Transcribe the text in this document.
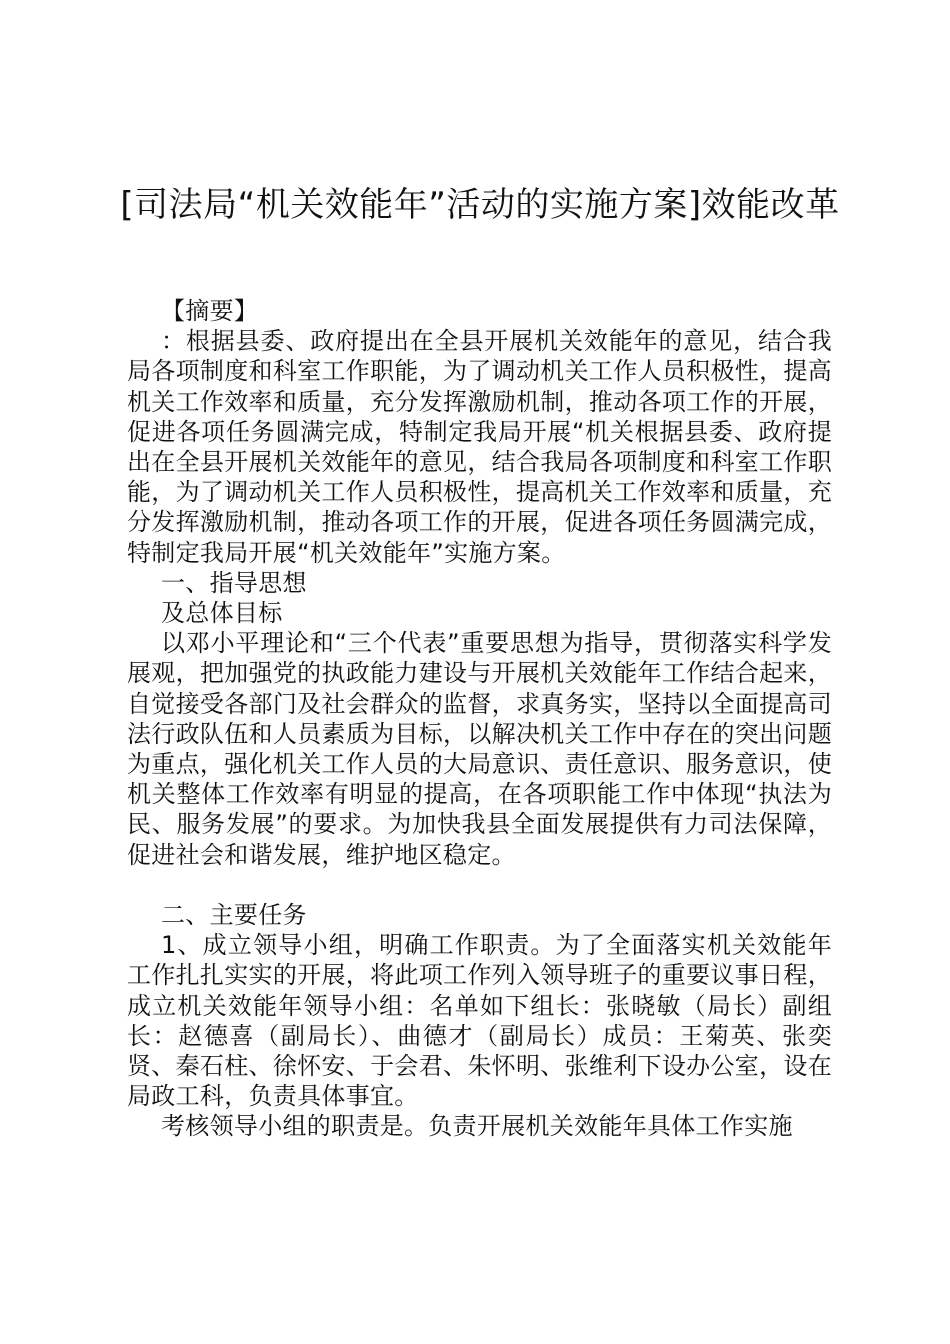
[司法局“机关效能年”活动的实施方案]效能改革

【摘要】

：根据县委、政府提出在全县开展机关效能年的意见，结合我局各项制度和科室工作职能，为了调动机关工作人员积极性，提高机关工作效率和质量，充分发挥激励机制，推动各项工作的开展，促进各项任务圆满完成，特制定我局开展“机关根据县委、政府提出在全县开展机关效能年的意见，结合我局各项制度和科室工作职能，为了调动机关工作人员积极性，提高机关工作效率和质量，充分发挥激励机制，推动各项工作的开展，促进各项任务圆满完成，特制定我局开展“机关效能年”实施方案。

一、指导思想

及总体目标

以邓小平理论和“三个代表”重要思想为指导，贯彻落实科学发展观，把加强党的执政能力建设与开展机关效能年工作结合起来，自觉接受各部门及社会群众的监督，求真务实，坚持以全面提高司法行政队伍和人员素质为目标，以解决机关工作中存在的突出问题为重点，强化机关工作人员的大局意识、责任意识、服务意识，使机关整体工作效率有明显的提高，在各项职能工作中体现“执法为民、服务发展”的要求。为加快我县全面发展提供有力司法保障，促进社会和谐发展，维护地区稳定。

二、主要任务

1、成立领导小组，明确工作职责。为了全面落实机关效能年工作扎扎实实的开展，将此项工作列入领导班子的重要议事日程，成立机关效能年领导小组：名单如下组长：张晓敏（局长）副组长：赵德喜（副局长）、曲德才（副局长）成员：王菊英、张奕贤、秦石柱、徐怀安、于会君、朱怀明、张维利下设办公室，设在局政工科，负责具体事宜。

考核领导小组的职责是。负责开展机关效能年具体工作实施
